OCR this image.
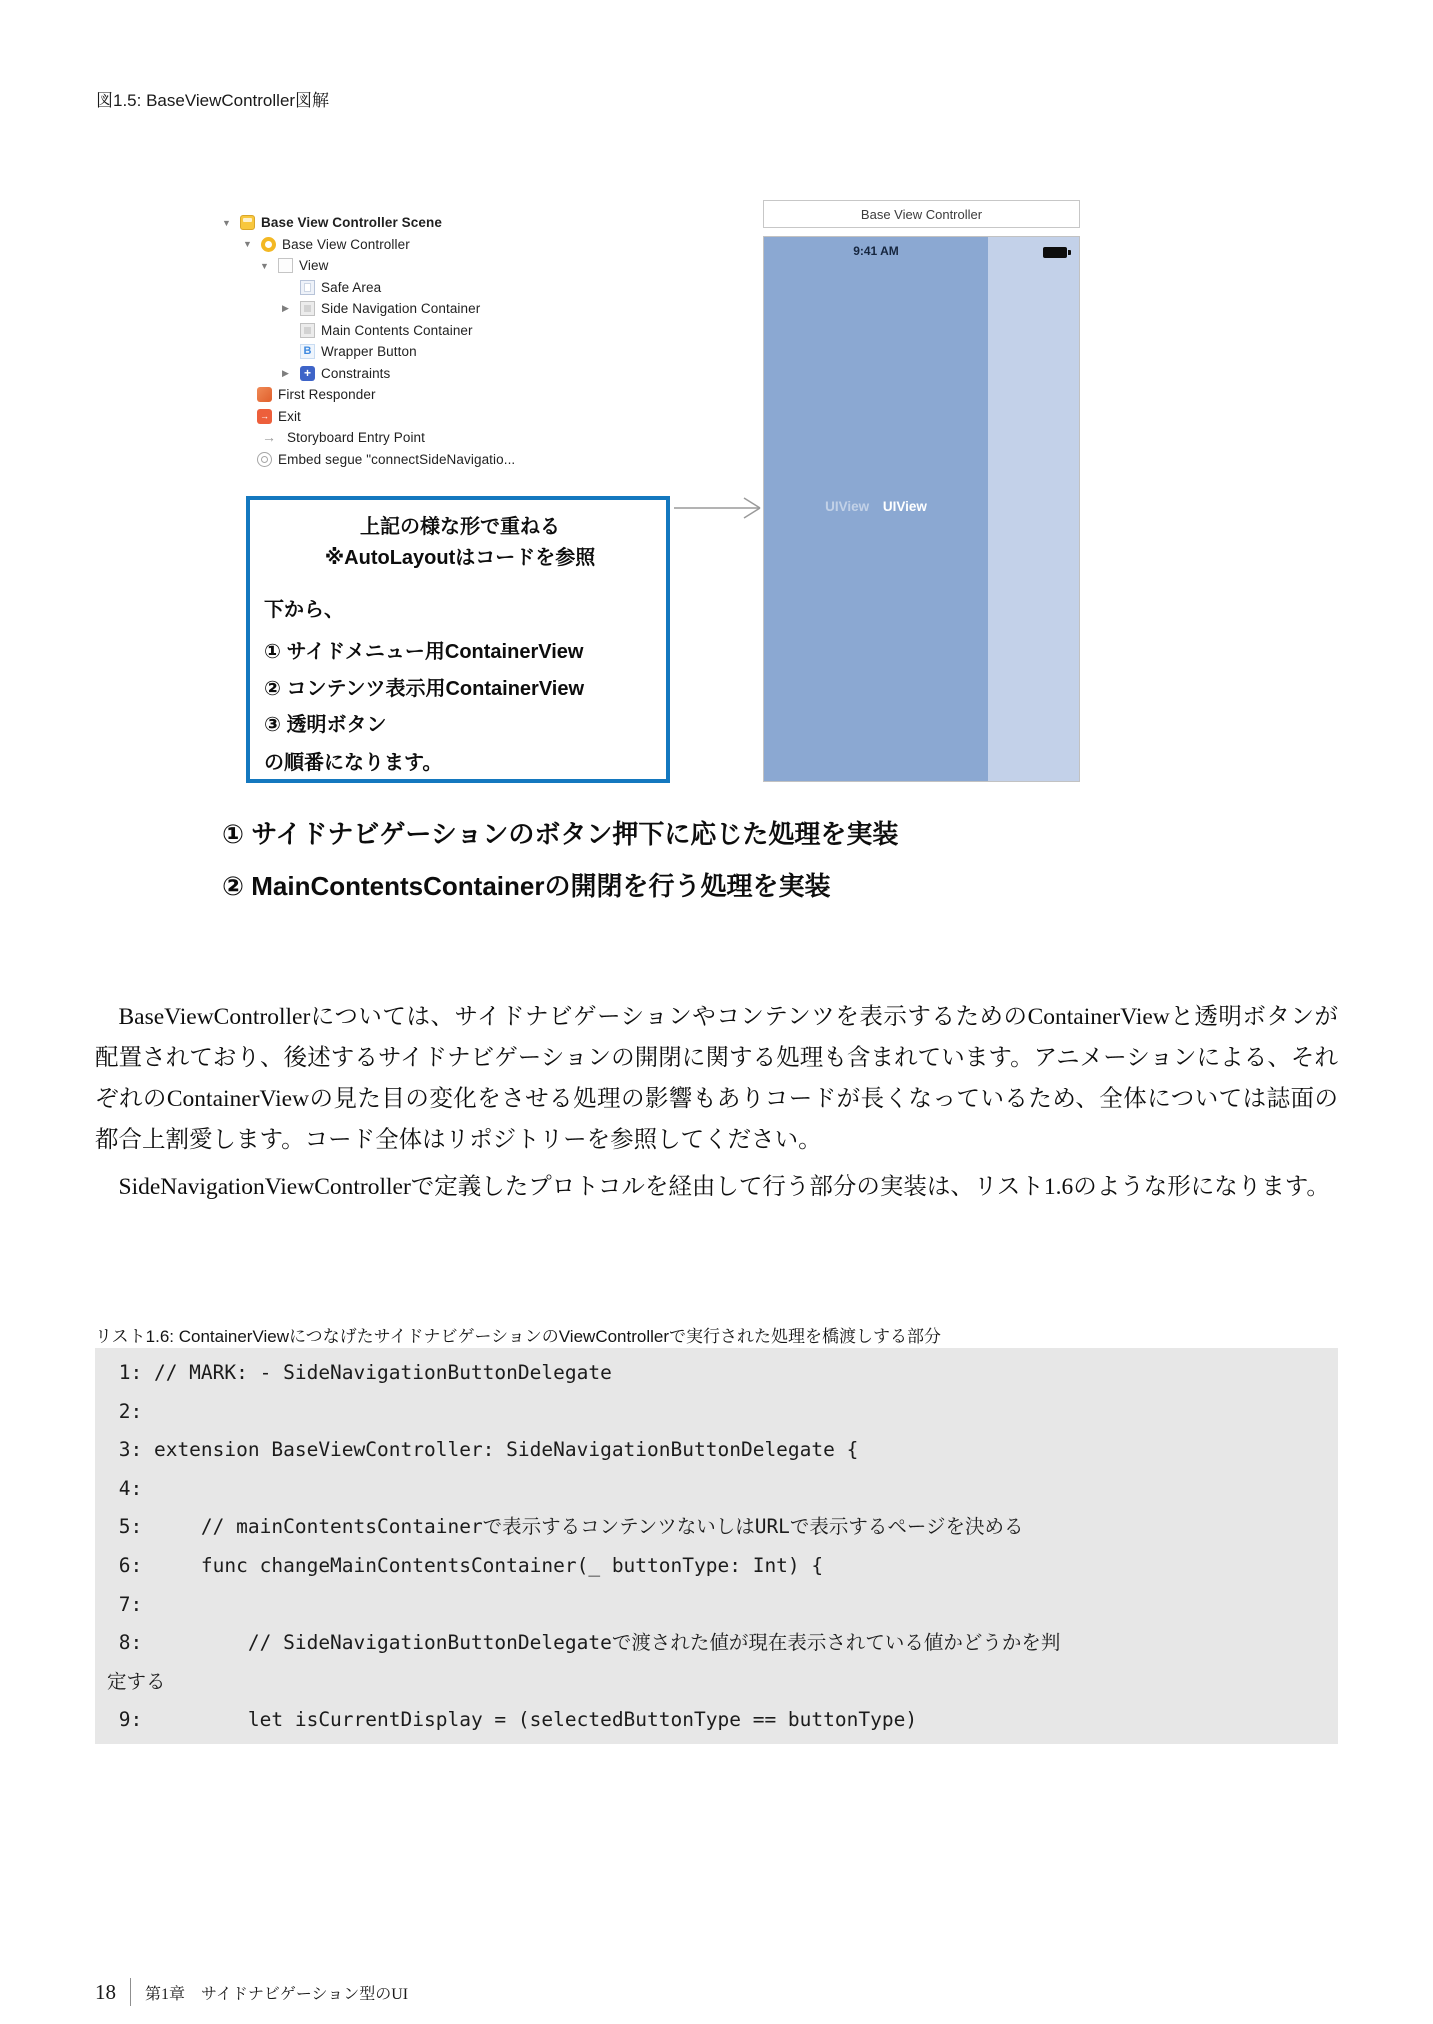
図1.5: BaseViewController図解
▼	Base View Controller Scene
▼	Base View Controller
▼	View
Safe Area
▶	Side Navigation Container
Main Contents Container
B Wrapper Button
▶	+ Constraints
First Responder
→ Exit
→ Storyboard Entry Point
Embed segue "connectSideNavigatio...
上記の様な形で重ねる
※AutoLayoutはコードを参照
下から、
① サイドメニュー用ContainerView
② コンテンツ表示用ContainerView
③ 透明ボタン
の順番になります。
Base View Controller
9:41 AM
UIView UIView
① サイドナビゲーションのボタン押下に応じた処理を実装
② MainContentsContainerの開閉を行う処理を実装

BaseViewControllerについては、サイドナビゲーションやコンテンツを表示するためのContainerViewと透明ボタンが配置されており、後述するサイドナビゲーションの開閉に関する処理も含まれています。アニメーションによる、それぞれのContainerViewの見た目の変化をさせる処理の影響もありコードが長くなっているため、全体については誌面の都合上割愛します。コード全体はリポジトリーを参照してください。

SideNavigationViewControllerで定義したプロトコルを経由して行う部分の実装は、リスト1.6のような形になります。

リスト1.6: ContainerViewにつなげたサイドナビゲーションのViewControllerで実行された処理を橋渡しする部分
1: // MARK: - SideNavigationButtonDelegate
2:
3: extension BaseViewController: SideNavigationButtonDelegate {
4:
5:     // mainContentsContainerで表示するコンテンツないしはURLで表示するページを決める
6:     func changeMainContentsContainer(_ buttonType: Int) {
7:
8:         // SideNavigationButtonDelegateで渡された値が現在表示されている値かどうかを判
定する
9:         let isCurrentDisplay = (selectedButtonType == buttonType)
18 第1章　サイドナビゲーション型のUI
